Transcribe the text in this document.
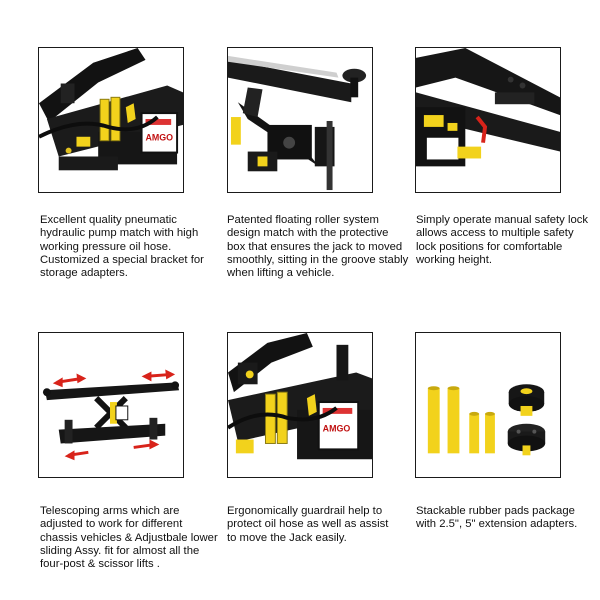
AMGO

Excellent quality pneumatic
hydraulic pump match with high
working pressure oil hose.
Customized a special bracket for
storage adapters.

Patented floating roller system
design match with the protective
box that ensures the jack to moved
smoothly, sitting in the groove stably
when lifting a vehicle.

Simply operate manual safety lock
allows access to multiple safety
lock positions for comfortable
working height.

Telescoping arms which are
adjusted to work for different
chassis vehicles & Adjustbale lower
sliding Assy. fit for almost all the
four-post & scissor lifts .

AMGO

Ergonomically guardrail help to
protect oil hose as well as assist
to move the Jack easily.

Stackable rubber pads package
with 2.5", 5" extension adapters.
